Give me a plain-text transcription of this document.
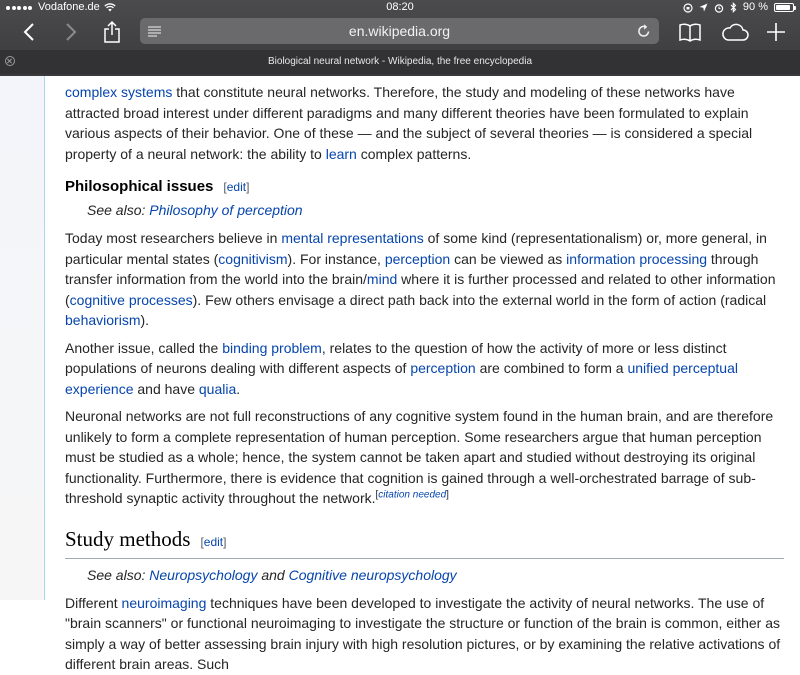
Vodafone.de	08:20	90 %
en.wikipedia.org
Biological neural network - Wikipedia, the free encyclopedia

complex systems that constitute neural networks. Therefore, the study and modeling of these networks have attracted broad interest under different paradigms and many different theories have been formulated to explain various aspects of their behavior. One of these — and the subject of several theories — is considered a special property of a neural network: the ability to learn complex patterns.

Philosophical issues [edit]
See also: Philosophy of perception

Today most researchers believe in mental representations of some kind (representationalism) or, more general, in particular mental states (cognitivism). For instance, perception can be viewed as information processing through transfer information from the world into the brain/mind where it is further processed and related to other information (cognitive processes). Few others envisage a direct path back into the external world in the form of action (radical behaviorism).

Another issue, called the binding problem, relates to the question of how the activity of more or less distinct populations of neurons dealing with different aspects of perception are combined to form a unified perceptual experience and have qualia.

Neuronal networks are not full reconstructions of any cognitive system found in the human brain, and are therefore unlikely to form a complete representation of human perception. Some researchers argue that human perception must be studied as a whole; hence, the system cannot be taken apart and studied without destroying its original functionality. Furthermore, there is evidence that cognition is gained through a well-orchestrated barrage of sub-threshold synaptic activity throughout the network.[citation needed]

Study methods [edit]
See also: Neuropsychology and Cognitive neuropsychology

Different neuroimaging techniques have been developed to investigate the activity of neural networks. The use of "brain scanners" or functional neuroimaging to investigate the structure or function of the brain is common, either as simply a way of better assessing brain injury with high resolution pictures, or by examining the relative activations of different brain areas. Such
